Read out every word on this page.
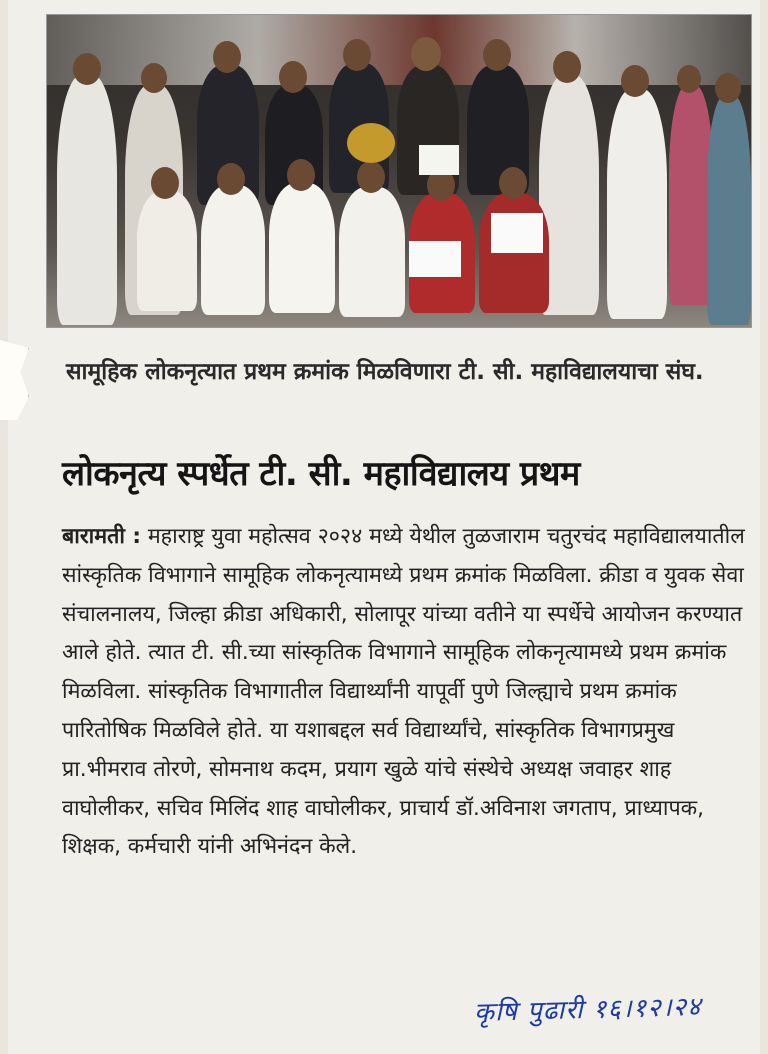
सामूहिक लोकनृत्यात प्रथम क्रमांक मिळविणारा टी. सी. महाविद्यालयाचा संघ.
लोकनृत्य स्पर्धेत टी. सी. महाविद्यालय प्रथम

बारामती : महाराष्ट्र युवा महोत्सव २०२४ मध्ये येथील तुळजाराम चतुरचंद महाविद्यालयातील सांस्कृतिक विभागाने सामूहिक लोकनृत्यामध्ये प्रथम क्रमांक मिळविला. क्रीडा व युवक सेवा संचालनालय, जिल्हा क्रीडा अधिकारी, सोलापूर यांच्या वतीने या स्पर्धेचे आयोजन करण्यात आले होते. त्यात टी. सी.च्या सांस्कृतिक विभागाने सामूहिक लोकनृत्यामध्ये प्रथम क्रमांक मिळविला. सांस्कृतिक विभागातील विद्यार्थ्यांनी यापूर्वी पुणे जिल्ह्याचे प्रथम क्रमांक पारितोषिक मिळविले होते. या यशाबद्दल सर्व विद्यार्थ्यांचे, सांस्कृतिक विभागप्रमुख प्रा.भीमराव तोरणे, सोमनाथ कदम, प्रयाग खुळे यांचे संस्थेचे अध्यक्ष जवाहर शाह वाघोलीकर, सचिव मिलिंद शाह वाघोलीकर, प्राचार्य डॉ.अविनाश जगताप, प्राध्यापक, शिक्षक, कर्मचारी यांनी अभिनंदन केले.

कृषि पुढारी १६।१२।२४
